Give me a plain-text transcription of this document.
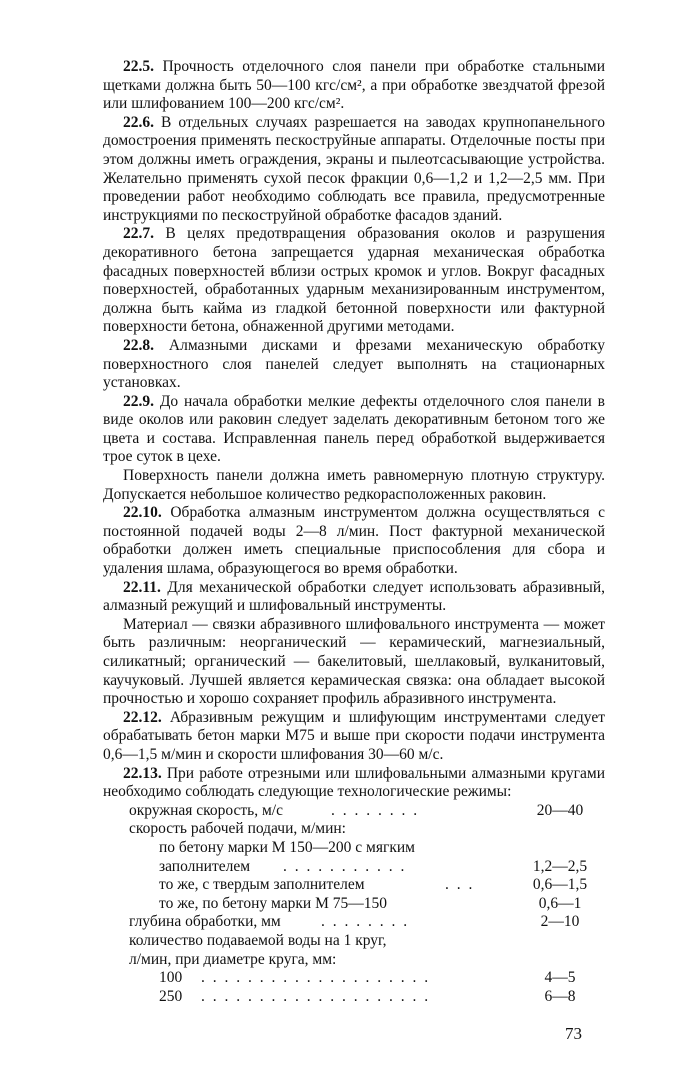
22.5. Прочность отделочного слоя панели при обработке стальными щетками должна быть 50—100 кгс/см², а при обработке звездчатой фрезой или шлифованием 100—200 кгс/см².

22.6. В отдельных случаях разрешается на заводах крупнопанельного домостроения применять пескоструйные аппараты. Отделочные посты при этом должны иметь ограждения, экраны и пылеотсасывающие устройства. Желательно применять сухой песок фракции 0,6—1,2 и 1,2—2,5 мм. При проведении работ необходимо соблюдать все правила, предусмотренные инструкциями по пескоструйной обработке фасадов зданий.

22.7. В целях предотвращения образования околов и разрушения декоративного бетона запрещается ударная механическая обработка фасадных поверхностей вблизи острых кромок и углов. Вокруг фасадных поверхностей, обработанных ударным механизированным инструментом, должна быть кайма из гладкой бетонной поверхности или фактурной поверхности бетона, обнаженной другими методами.

22.8. Алмазными дисками и фрезами механическую обработку поверхностного слоя панелей следует выполнять на стационарных установках.

22.9. До начала обработки мелкие дефекты отделочного слоя панели в виде околов или раковин следует заделать декоративным бетоном того же цвета и состава. Исправленная панель перед обработкой выдерживается трое суток в цехе.

Поверхность панели должна иметь равномерную плотную структуру. Допускается небольшое количество редкорасположенных раковин.

22.10. Обработка алмазным инструментом должна осуществляться с постоянной подачей воды 2—8 л/мин. Пост фактурной механической обработки должен иметь специальные приспособления для сбора и удаления шлама, образующегося во время обработки.

22.11. Для механической обработки следует использовать абразивный, алмазный режущий и шлифовальный инструменты.

Материал — связки абразивного шлифовального инструмента — может быть различным: неорганический — керамический, магнезиальный, силикатный; органический — бакелитовый, шеллаковый, вулканитовый, каучуковый. Лучшей является керамическая связка: она обладает высокой прочностью и хорошо сохраняет профиль абразивного инструмента.

22.12. Абразивным режущим и шлифующим инструментами следует обрабатывать бетон марки М75 и выше при скорости подачи инструмента 0,6—1,5 м/мин и скорости шлифования 30—60 м/с.

22.13. При работе отрезными или шлифовальными алмазными кругами необходимо соблюдать следующие технологические режимы:

окружная скорость, м/с	. . . . . . . .	20—40
скорость рабочей подачи, м/мин:
по бетону марки М 150—200 с мягким
заполнителем . . . . . . . . . . .	1,2—2,5
то же, с твердым заполнителем	. . .	0,6—1,5
то же, по бетону марки М 75—150	0,6—1
глубина обработки, мм	. . . . . . . .	2—10
количество подаваемой воды на 1 круг,
л/мин, при диаметре круга, мм:
100 . . . . . . . . . . . . . . . . . . . .	4—5
250 . . . . . . . . . . . . . . . . . . . .	6—8
73
